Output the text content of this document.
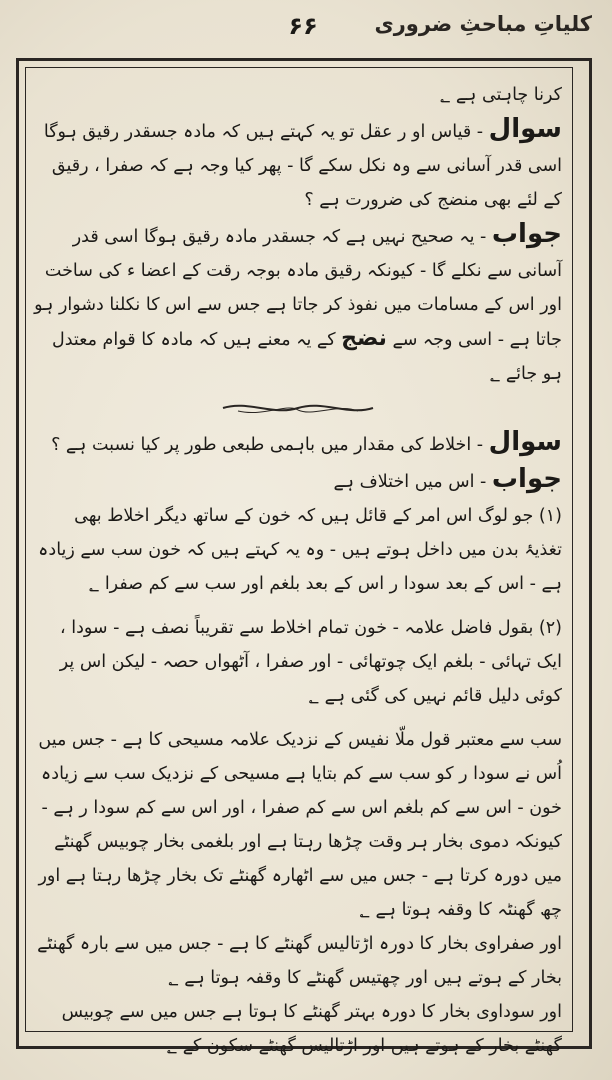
۶۶	کلیاتِ مباحثِ ضروری

کرنا چاہتی ہے ؂

سوال - قیاس او ر عقل تو یہ کہتے ہیں کہ مادہ جسقدر رقیق ہوگا اسی قدر آسانی سے وہ نکل سکے گا - پھر کیا وجہ ہے کہ صفرا ، رقیق کے لئے بھی منضج کی ضرورت ہے ؟

جواب - یہ صحیح نہیں ہے کہ جسقدر مادہ رقیق ہوگا اسی قدر آسانی سے نکلے گا - کیونکہ رقیق مادہ بوجہ رقت کے اعضا ء کی ساخت اور اس کے مسامات میں نفوذ کر جاتا ہے جس سے اس کا نکلنا دشوار ہو جاتا ہے - اسی وجہ سے نضج کے یہ معنے ہیں کہ مادہ کا قوام معتدل ہو جائے ؂

سوال - اخلاط کی مقدار میں باہمی طبعی طور پر کیا نسبت ہے ؟

جواب - اس میں اختلاف ہے

(۱) جو لوگ اس امر کے قائل ہیں کہ خون کے ساتھ دیگر اخلاط بھی تغذیۂ بدن میں داخل ہوتے ہیں - وہ یہ کہتے ہیں کہ خون سب سے زیادہ ہے - اس کے بعد سودا ر اس کے بعد بلغم اور سب سے کم صفرا ؂

(۲) بقول فاضل علامہ - خون تمام اخلاط سے تقریباً نصف ہے - سودا ، ایک تہائی - بلغم ایک چوتھائی - اور صفرا ، آٹھواں حصہ - لیکن اس پر کوئی دلیل قائم نہیں کی گئی ہے ؂

سب سے معتبر قول ملّا نفیس کے نزدیک علامہ مسیحی کا ہے - جس میں اُس نے سودا ر کو سب سے کم بتایا ہے مسیحی کے نزدیک سب سے زیادہ خون - اس سے کم بلغم اس سے کم صفرا ، اور اس سے کم سودا ر ہے - کیونکہ دموی بخار ہر وقت چڑھا رہتا ہے اور بلغمی بخار چوبیس گھنٹے میں دورہ کرتا ہے - جس میں سے اٹھارہ گھنٹے تک بخار چڑھا رہتا ہے اور چھ گھنٹہ کا وقفہ ہوتا ہے ؂

اور صفراوی بخار کا دورہ اڑتالیس گھنٹے کا ہے - جس میں سے بارہ گھنٹے بخار کے ہوتے ہیں اور چھتیس گھنٹے کا وقفہ ہوتا ہے ؂

اور سوداوی بخار کا دورہ بہتر گھنٹے کا ہوتا ہے جس میں سے چوبیس گھنٹے بخار کے ہوتے ہیں اور اڑتالیس گھنٹے سکون کے ؂
